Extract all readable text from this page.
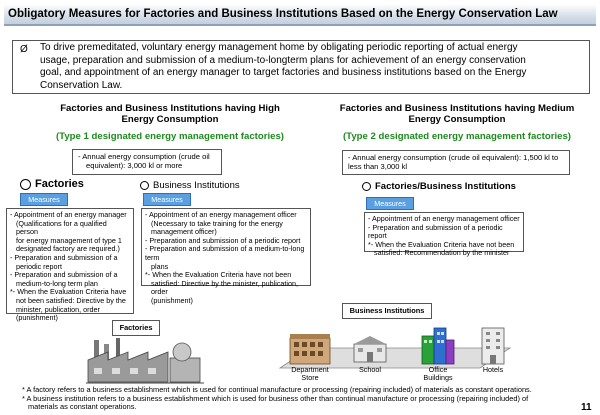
Obligatory Measures for Factories and Business Institutions Based on the Energy Conservation Law
Ø To drive premeditated, voluntary energy management home by obligating periodic reporting of actual energy
usage, preparation and submission of a medium-to-longterm plans for achievement of an energy conservation
goal, and appointment of an energy manager to target factories and business institutions based on the Energy
Conservation Law.
Factories and Business Institutions having High
Energy Consumption
(Type 1 designated energy management factories)
- Annual energy consumption (crude oil
equivalent): 3,000 kl or more
Factories and Business Institutions having Medium
Energy Consumption
(Type 2 designated energy management factories)
- Annual energy consumption (crude oil equivalent): 1,500 kl to
less than 3,000 kl
Factories
Measures
- Appointment of an energy manager
(Qualifications for a qualified person
for energy management of type 1
designated factory are required.)
- Preparation and submission of a
periodic report
- Preparation and submission of a
medium-to-long term plan
*- When the Evaluation Criteria have
not been satisfied: Directive by the
minister, publication, order
(punishment)
Business Institutions
Measures
- Appointment of an energy management officer
(Necessary to take training for the energy
management officer)
- Preparation and submission of a periodic report
- Preparation and submission of a medium-to-long term
plans
*- When the Evaluation Criteria have not been
satisfied: Directive by the minister, publication, order
(punishment)
Factories/Business Institutions
Measures
- Appointment of an energy management officer
- Preparation and submission of a periodic report
*- When the Evaluation Criteria have not been
satisfied: Recommendation by the minister
Factories
Business Institutions
Department
Store
School	Office
Buildings
Hotels
* A factory refers to a business establishment which is used for continual manufacture or processing (repairing included) of materials as constant operations.
* A business institution refers to a business establishment which is used for business other than continual manufacture or processing (repairing included) of
materials as constant operations.	11
